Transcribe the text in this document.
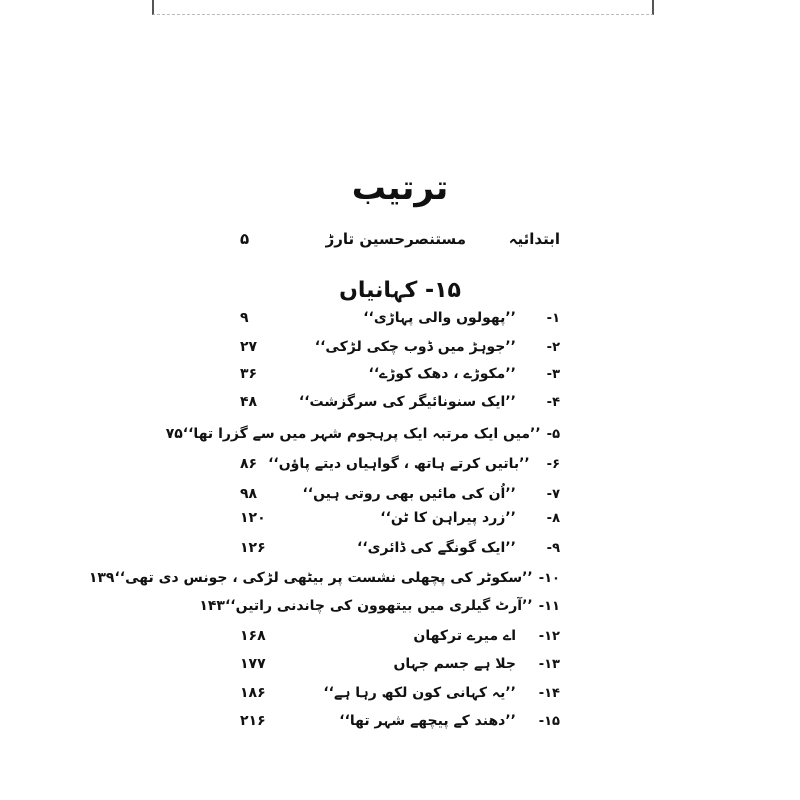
ترتیب
ابتدائیہ
مستنصرحسین تارڑ
۵
۱۵- کہانیاں
۱-
’’پھولوں والی پہاڑی‘‘
۹
۲-
’’جوہڑ میں ڈوب چکی لڑکی‘‘
۲۷
۳-
’’مکوڑے ، دھک کوڑے‘‘
۳۶
۴-
’’ایک سنونائیگر کی سرگزشت‘‘
۴۸
۵-
’’میں ایک مرتبہ ایک پرہجوم شہر میں سے گزرا تھا‘‘
۷۵
۶-
’’باتیں کرتے ہاتھ ، گواہیاں دیتے پاؤں‘‘
۸۶
۷-
’’اُن کی مائیں بھی روتی ہیں‘‘
۹۸
۸-
’’زرد پیراہن کا ٹن‘‘
۱۲۰
۹-
’’ایک گونگے کی ڈائری‘‘
۱۲۶
۱۰-
’’سکوٹر کی پچھلی نشست پر بیٹھی لڑکی ، جونس دی تھی‘‘
۱۳۹
۱۱-
’’آرٹ گیلری میں بیتھوون کی چاندنی راتیں‘‘
۱۴۳
۱۲-
اے میرے ترکھان
۱۶۸
۱۳-
جلا ہے جسم جہاں
۱۷۷
۱۴-
’’یہ کہانی کون لکھ رہا ہے‘‘
۱۸۶
۱۵-
’’دھند کے پیچھے شہر تھا‘‘
۲۱۶
